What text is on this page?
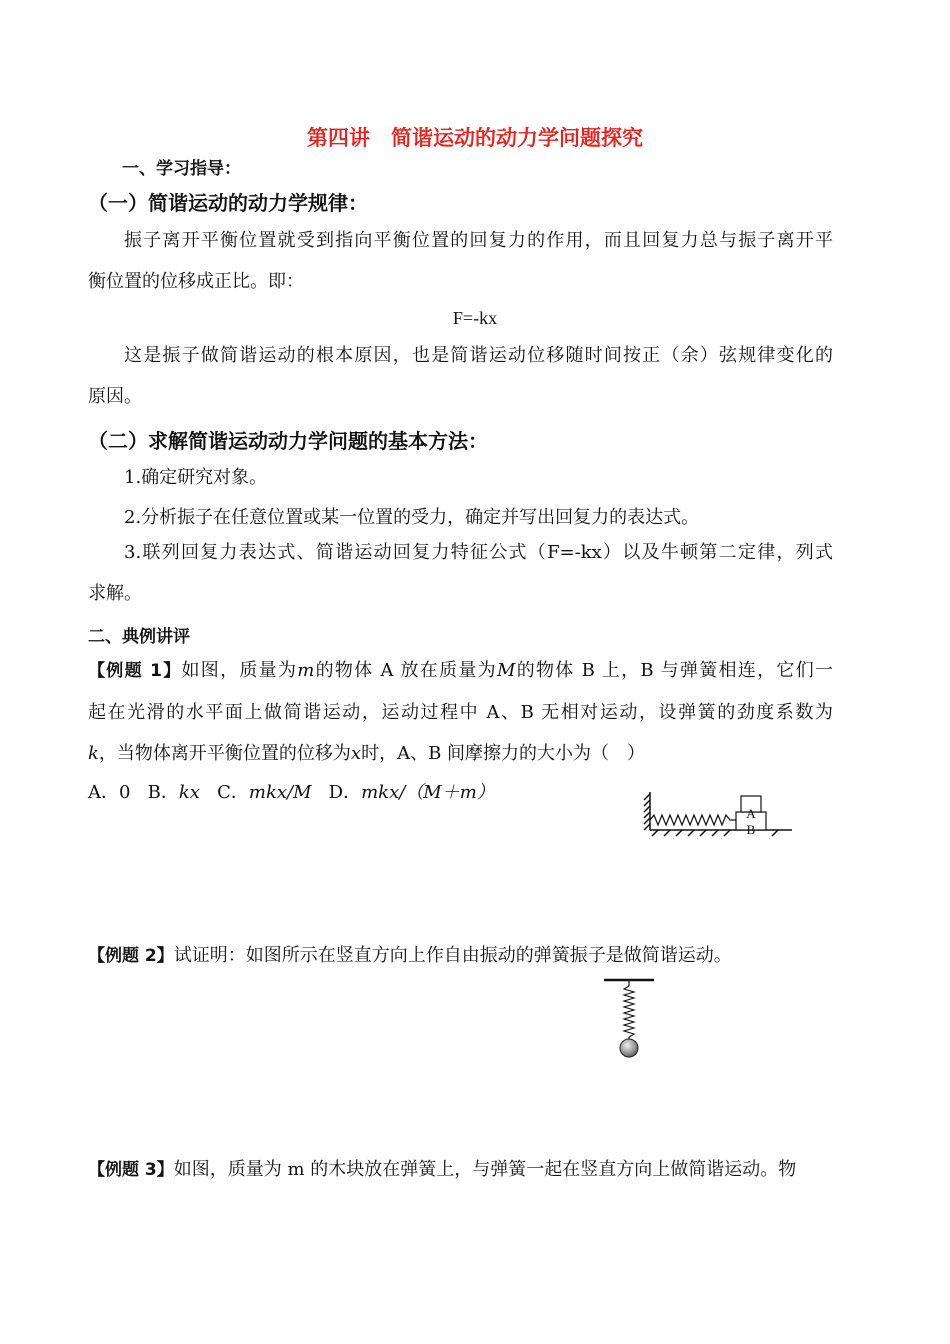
第四讲　简谐运动的动力学问题探究
一、学习指导：
（一）简谐运动的动力学规律：
振子离开平衡位置就受到指向平衡位置的回复力的作用，而且回复力总与振子离开平
衡位置的位移成正比。即：
F=-kx
这是振子做简谐运动的根本原因，也是简谐运动位移随时间按正（余）弦规律变化的
原因。
（二）求解简谐运动动力学问题的基本方法：
1.确定研究对象。
2.分析振子在任意位置或某一位置的受力，确定并写出回复力的表达式。
3.联列回复力表达式、简谐运动回复力特征公式（F=-kx）以及牛顿第二定律，列式
求解。
二、典例讲评
【例题 1】如图，质量为m的物体 A 放在质量为M的物体 B 上，B 与弹簧相连，它们一
起在光滑的水平面上做简谐运动，运动过程中 A、B 无相对运动，设弹簧的劲度系数为
k，当物体离开平衡位置的位移为x时，A、B 间摩擦力的大小为（　）
A．0 B．kx C．mkx/M D．mkx/（M＋m）
A
B
【例题 2】试证明：如图所示在竖直方向上作自由振动的弹簧振子是做简谐运动。
【例题 3】如图，质量为 m 的木块放在弹簧上，与弹簧一起在竖直方向上做简谐运动。物
